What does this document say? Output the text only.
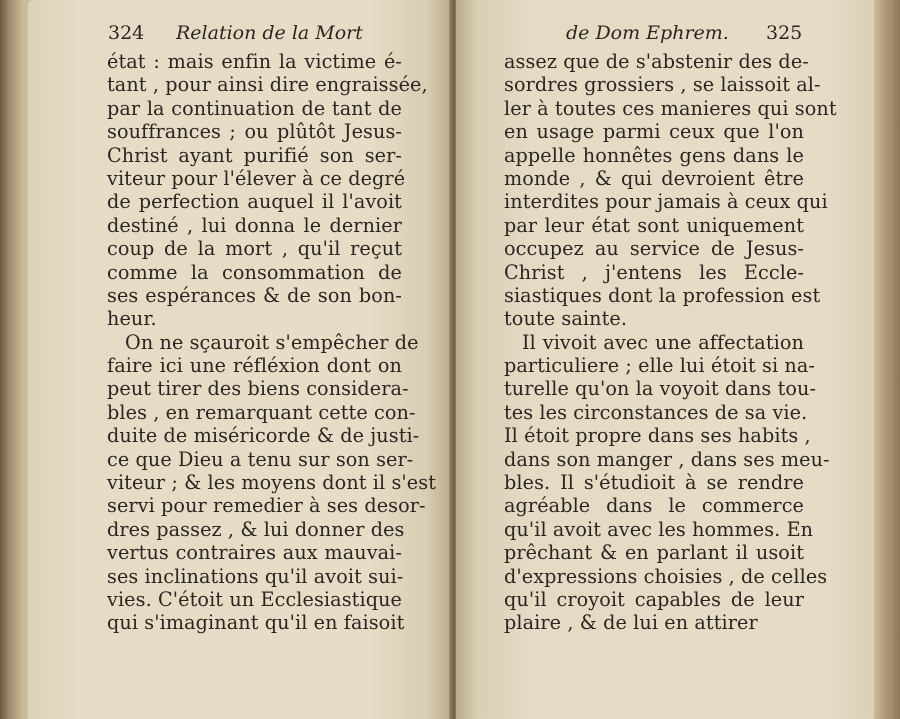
324 Relation de la Mort
état : mais enfin la victime é-
tant , pour ainsi dire engraissée,
par la continuation de tant de
souffrances ; ou plûtôt Jesus-
Christ ayant purifié son ser-
viteur pour l'élever à ce degré
de perfection auquel il l'avoit
destiné , lui donna le dernier
coup de la mort , qu'il reçut
comme la consommation de
ses espérances & de son bon-
heur.
On ne sçauroit s'empêcher de
faire ici une réfléxion dont on
peut tirer des biens considera-
bles , en remarquant cette con-
duite de miséricorde & de justi-
ce que Dieu a tenu sur son ser-
viteur ; & les moyens dont il s'est
servi pour remedier à ses desor-
dres passez , & lui donner des
vertus contraires aux mauvai-
ses inclinations qu'il avoit sui-
vies. C'étoit un Ecclesiastique
qui s'imaginant qu'il en faisoit
de Dom Ephrem. 325
assez que de s'abstenir des de-
sordres grossiers , se laissoit al-
ler à toutes ces manieres qui sont
en usage parmi ceux que l'on
appelle honnêtes gens dans le
monde , & qui devroient être
interdites pour jamais à ceux qui
par leur état sont uniquement
occupez au service de Jesus-
Christ , j'entens les Eccle-
siastiques dont la profession est
toute sainte.
Il vivoit avec une affectation
particuliere ; elle lui étoit si na-
turelle qu'on la voyoit dans tou-
tes les circonstances de sa vie.
Il étoit propre dans ses habits ,
dans son manger , dans ses meu-
bles. Il s'étudioit à se rendre
agréable dans le commerce
qu'il avoit avec les hommes. En
prêchant & en parlant il usoit
d'expressions choisies , de celles
qu'il croyoit capables de leur
plaire , & de lui en attirer
